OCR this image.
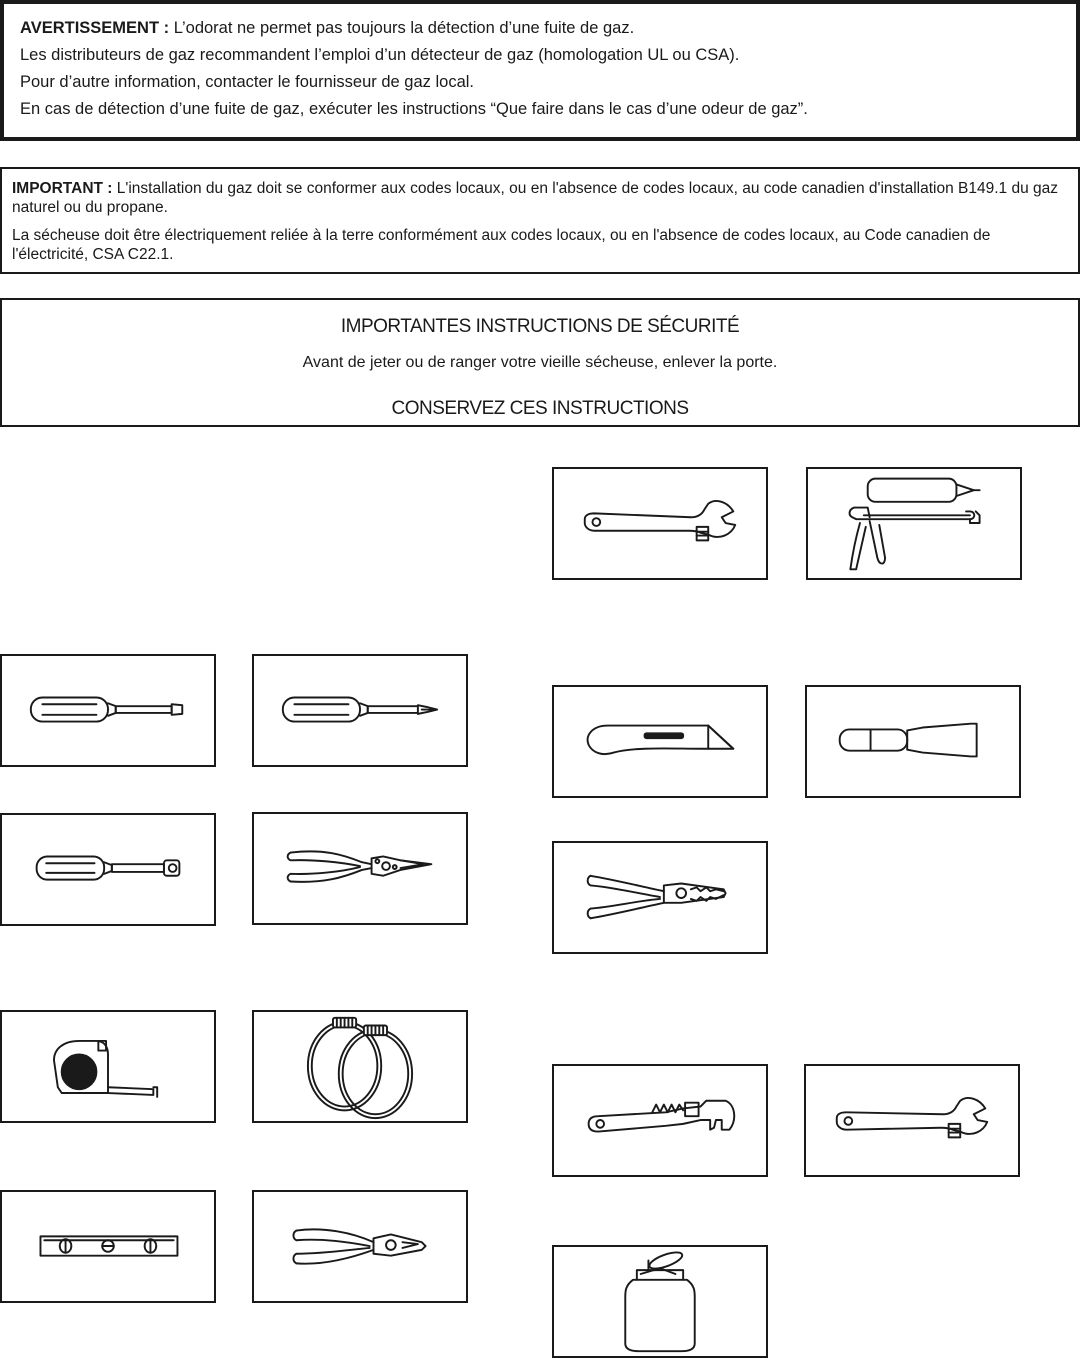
AVERTISSEMENT : L’odorat ne permet pas toujours la détection d’une fuite de gaz.

Les distributeurs de gaz recommandent l’emploi d’un détecteur de gaz (homologation UL ou CSA).

Pour d’autre information, contacter le fournisseur de gaz local.

En cas de détection d’une fuite de gaz, exécuter les instructions “Que faire dans le cas d’une odeur de gaz”.

IMPORTANT : L'installation du gaz doit se conformer aux codes locaux, ou en l'absence de codes locaux, au code canadien d'installation B149.1 du gaz naturel ou du propane.

La sécheuse doit être électriquement reliée à la terre conformément aux codes locaux, ou en l'absence de codes locaux, au Code canadien de l'électricité, CSA C22.1.

IMPORTANTES INSTRUCTIONS DE SÉCURITÉ
Avant de jeter ou de ranger votre vieille sécheuse, enlever la porte.
CONSERVEZ CES INSTRUCTIONS
